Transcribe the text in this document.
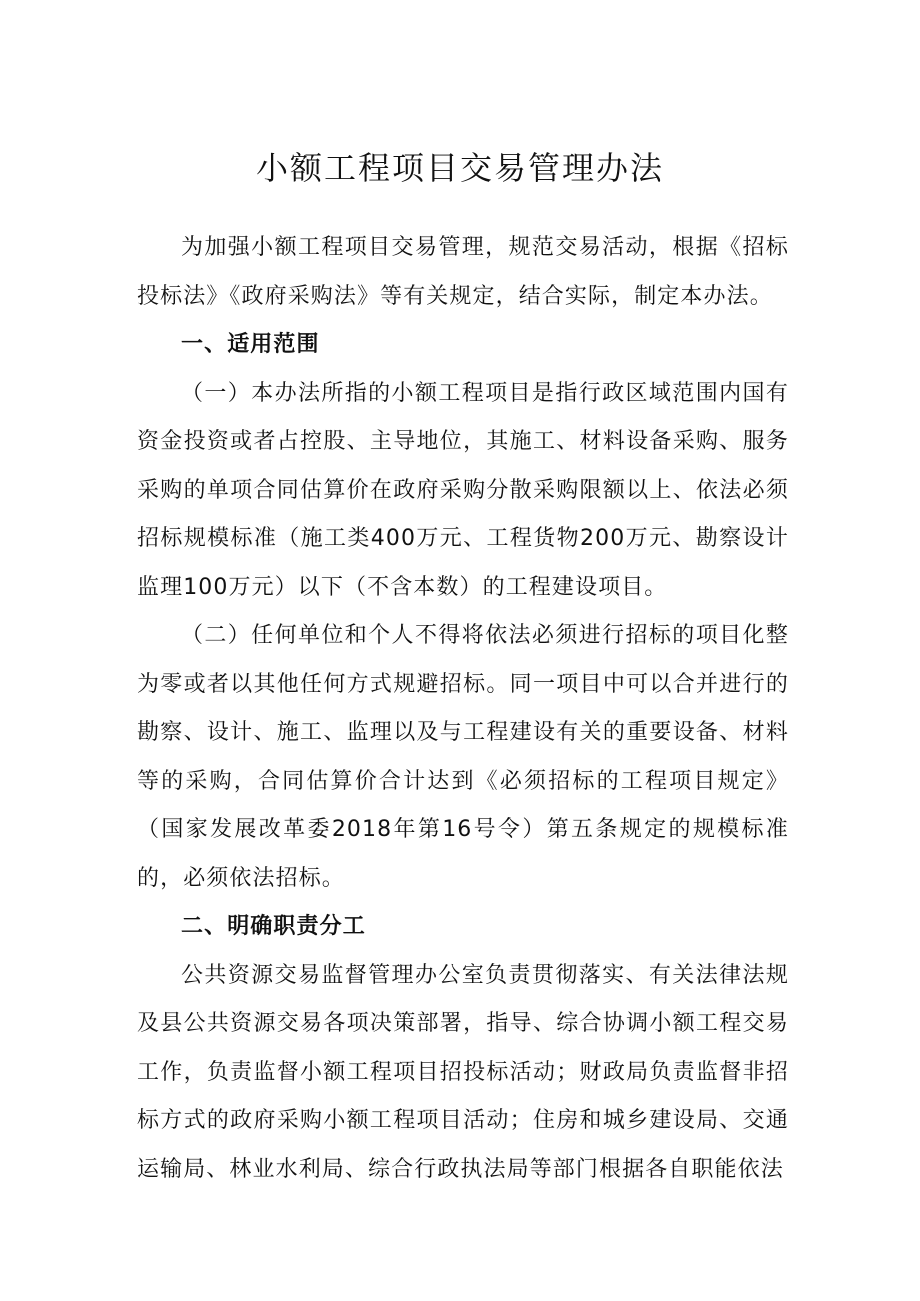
小额工程项目交易管理办法

为加强小额工程项目交易管理，规范交易活动，根据《招标投标法》《政府采购法》等有关规定，结合实际，制定本办法。

一、适用范围

（一）本办法所指的小额工程项目是指行政区域范围内国有资金投资或者占控股、主导地位，其施工、材料设备采购、服务采购的单项合同估算价在政府采购分散采购限额以上、依法必须招标规模标准（施工类400万元、工程货物200万元、勘察设计监理100万元）以下（不含本数）的工程建设项目。

（二）任何单位和个人不得将依法必须进行招标的项目化整为零或者以其他任何方式规避招标。同一项目中可以合并进行的勘察、设计、施工、监理以及与工程建设有关的重要设备、材料等的采购，合同估算价合计达到《必须招标的工程项目规定》（国家发展改革委2018年第16号令）第五条规定的规模标准的，必须依法招标。

二、明确职责分工

公共资源交易监督管理办公室负责贯彻落实、有关法律法规及县公共资源交易各项决策部署，指导、综合协调小额工程交易工作，负责监督小额工程项目招投标活动；财政局负责监督非招标方式的政府采购小额工程项目活动；住房和城乡建设局、交通运输局、林业水利局、综合行政执法局等部门根据各自职能依法
